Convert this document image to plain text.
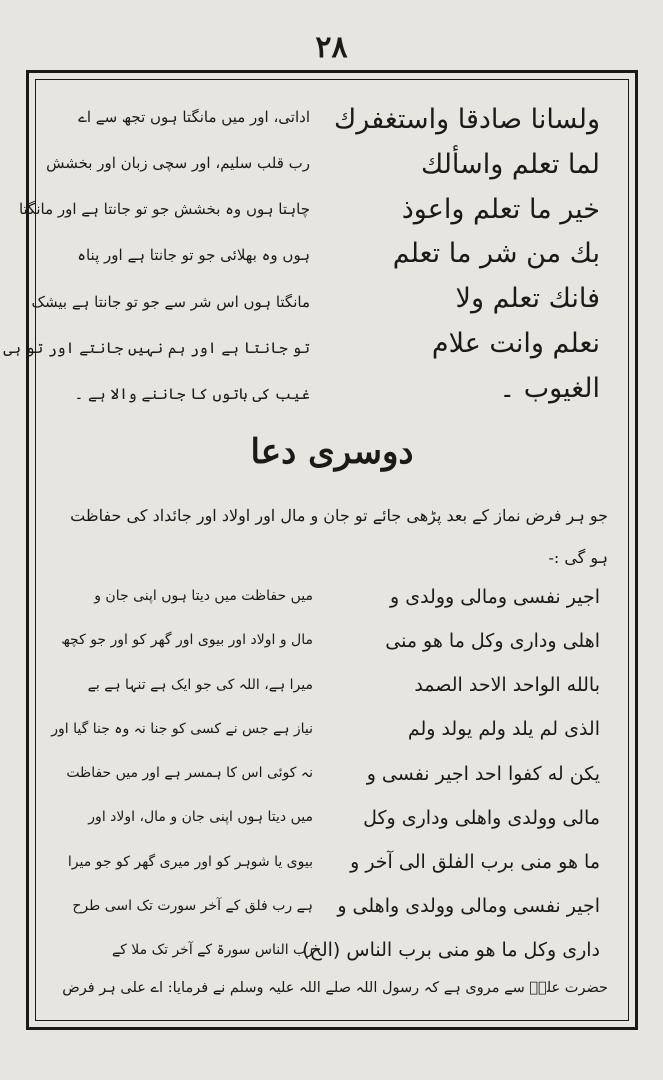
۲۸
ولسانا صادقا واستغفرك
لما تعلم واسألك
خير ما تعلم واعوذ
بك من شر ما تعلم
فانك تعلم ولا
نعلم وانت علام
الغيوب ۔
اداتی، اور میں مانگتا ہوں تجھ سے اے
رب قلب سلیم، اور سچی زبان اور بخشش
چاہتا ہوں وہ بخشش جو تو جانتا ہے اور مانگتا
ہوں وہ بھلائی جو تو جانتا ہے اور پناہ
مانگتا ہوں اس شر سے جو تو جانتا ہے بیشک
تو جانتا ہے اور ہم نہیں جانتے اور تو ہی
غیب کی باتوں کا جاننے والا ہے ۔
دوسری دعا
جو ہر فرض نماز کے بعد پڑھی جائے تو جان و مال اور اولاد اور جائداد کی حفاظت ہو گی :-
اجیر نفسی ومالی وولدی و
اهلی وداری وکل ما هو منی
بالله الواحد الاحد الصمد
الذی لم یلد ولم یولد ولم
یکن له کفوا احد اجیر نفسی و
مالی وولدی واهلی وداری وکل
ما هو منی برب الفلق الی آخر و
اجیر نفسی ومالی وولدی واهلی و
داری وکل ما هو منی برب الناس (الخ)
میں حفاظت میں دیتا ہوں اپنی جان و
مال و اولاد اور بیوی اور گھر کو اور جو کچھ
میرا ہے، اللہ کی جو ایک ہے تنہا ہے بے
نیاز ہے جس نے کسی کو جنا نہ وہ جنا گیا اور
نہ کوئی اس کا ہمسر ہے اور میں حفاظت
میں دیتا ہوں اپنی جان و مال، اولاد اور
بیوی یا شوہر کو اور میری گھر کو جو میرا
ہے رب فلق کے آخر سورت تک اسی طرح
رب الناس سورۃ کے آخر تک ملا کے
حضرت علیؓ سے مروی ہے کہ رسول اللہ صلے اللہ علیہ وسلم نے فرمایا: اے علی ہر فرض
